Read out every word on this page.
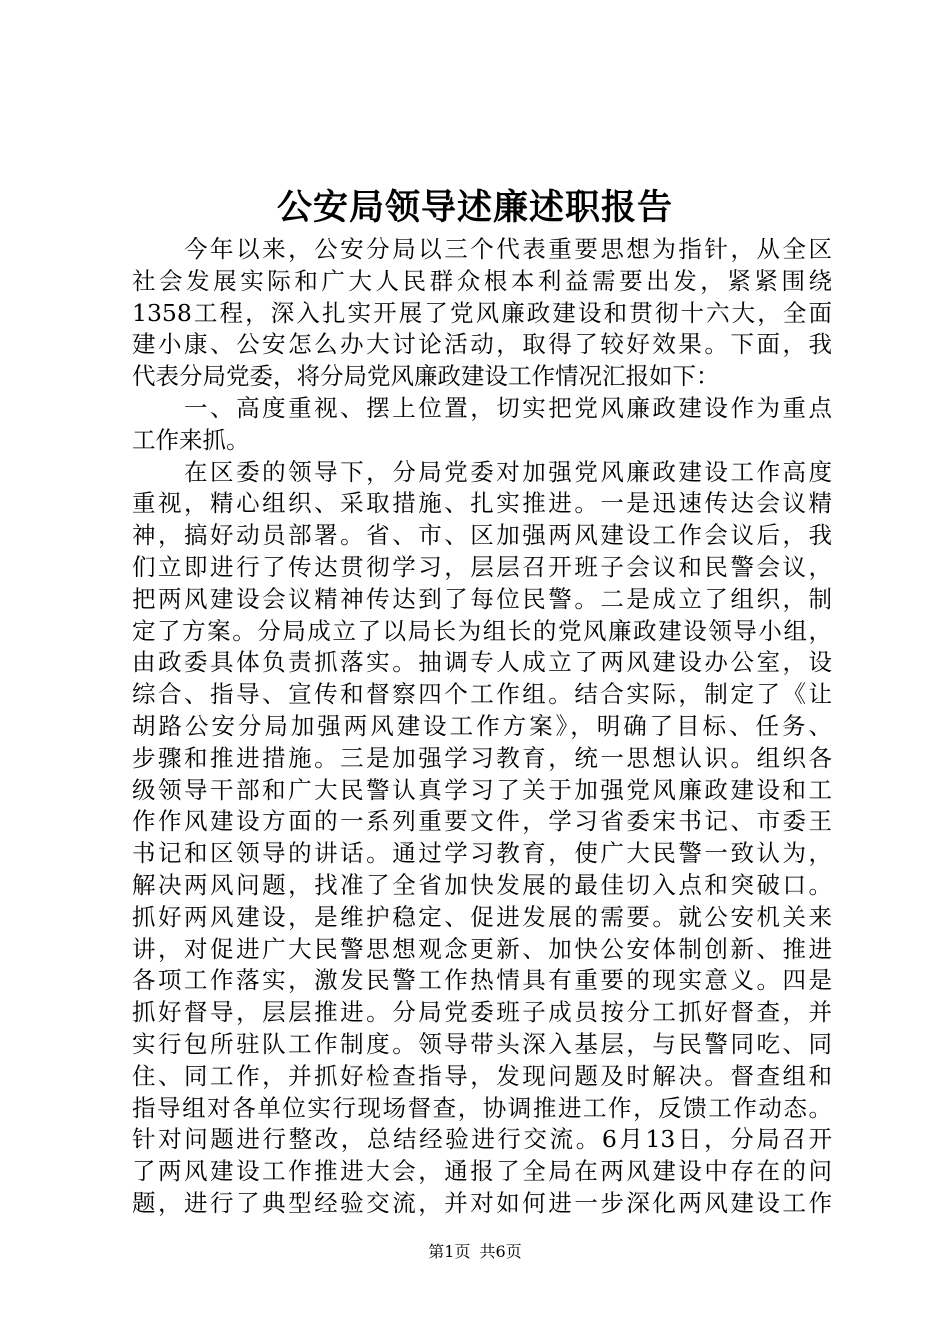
公安局领导述廉述职报告
　　今年以来，公安分局以三个代表重要思想为指针，从全区
社会发展实际和广大人民群众根本利益需要出发，紧紧围绕
1358工程，深入扎实开展了党风廉政建设和贯彻十六大，全面
建小康、公安怎么办大讨论活动，取得了较好效果。下面，我
代表分局党委，将分局党风廉政建设工作情况汇报如下：
　　一、高度重视、摆上位置，切实把党风廉政建设作为重点
工作来抓。
　　在区委的领导下，分局党委对加强党风廉政建设工作高度
重视，精心组织、采取措施、扎实推进。一是迅速传达会议精
神，搞好动员部署。省、市、区加强两风建设工作会议后，我
们立即进行了传达贯彻学习，层层召开班子会议和民警会议，
把两风建设会议精神传达到了每位民警。二是成立了组织，制
定了方案。分局成立了以局长为组长的党风廉政建设领导小组，
由政委具体负责抓落实。抽调专人成立了两风建设办公室，设
综合、指导、宣传和督察四个工作组。结合实际，制定了《让
胡路公安分局加强两风建设工作方案》，明确了目标、任务、
步骤和推进措施。三是加强学习教育，统一思想认识。组织各
级领导干部和广大民警认真学习了关于加强党风廉政建设和工
作作风建设方面的一系列重要文件，学习省委宋书记、市委王
书记和区领导的讲话。通过学习教育，使广大民警一致认为，
解决两风问题，找准了全省加快发展的最佳切入点和突破口。
抓好两风建设，是维护稳定、促进发展的需要。就公安机关来
讲，对促进广大民警思想观念更新、加快公安体制创新、推进
各项工作落实，激发民警工作热情具有重要的现实意义。四是
抓好督导，层层推进。分局党委班子成员按分工抓好督查，并
实行包所驻队工作制度。领导带头深入基层，与民警同吃、同
住、同工作，并抓好检查指导，发现问题及时解决。督查组和
指导组对各单位实行现场督查，协调推进工作，反馈工作动态。
针对问题进行整改，总结经验进行交流。6月13日，分局召开
了两风建设工作推进大会，通报了全局在两风建设中存在的问
题，进行了典型经验交流，并对如何进一步深化两风建设工作
第1页 共6页
